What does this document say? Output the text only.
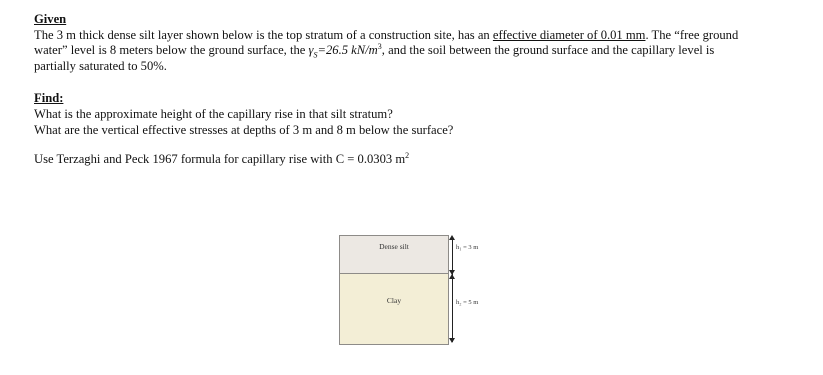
Given
The 3 m thick dense silt layer shown below is the top stratum of a construction site, has an effective diameter of 0.01 mm. The “free ground
water” level is 8 meters below the ground surface, the $\gamma_S=26.5$ $kN/m^3$, and the soil between the ground surface and the capillary level is
partially saturated to 50%.
Find:
What is the approximate height of the capillary rise in that silt stratum?
What are the vertical effective stresses at depths of 3 m and 8 m below the surface?
Use Terzaghi and Peck 1967 formula for capillary rise with C = 0.0303 $m^2$
Dense silt
Clay
h₁ = 3 m
h₂ = 5 m
